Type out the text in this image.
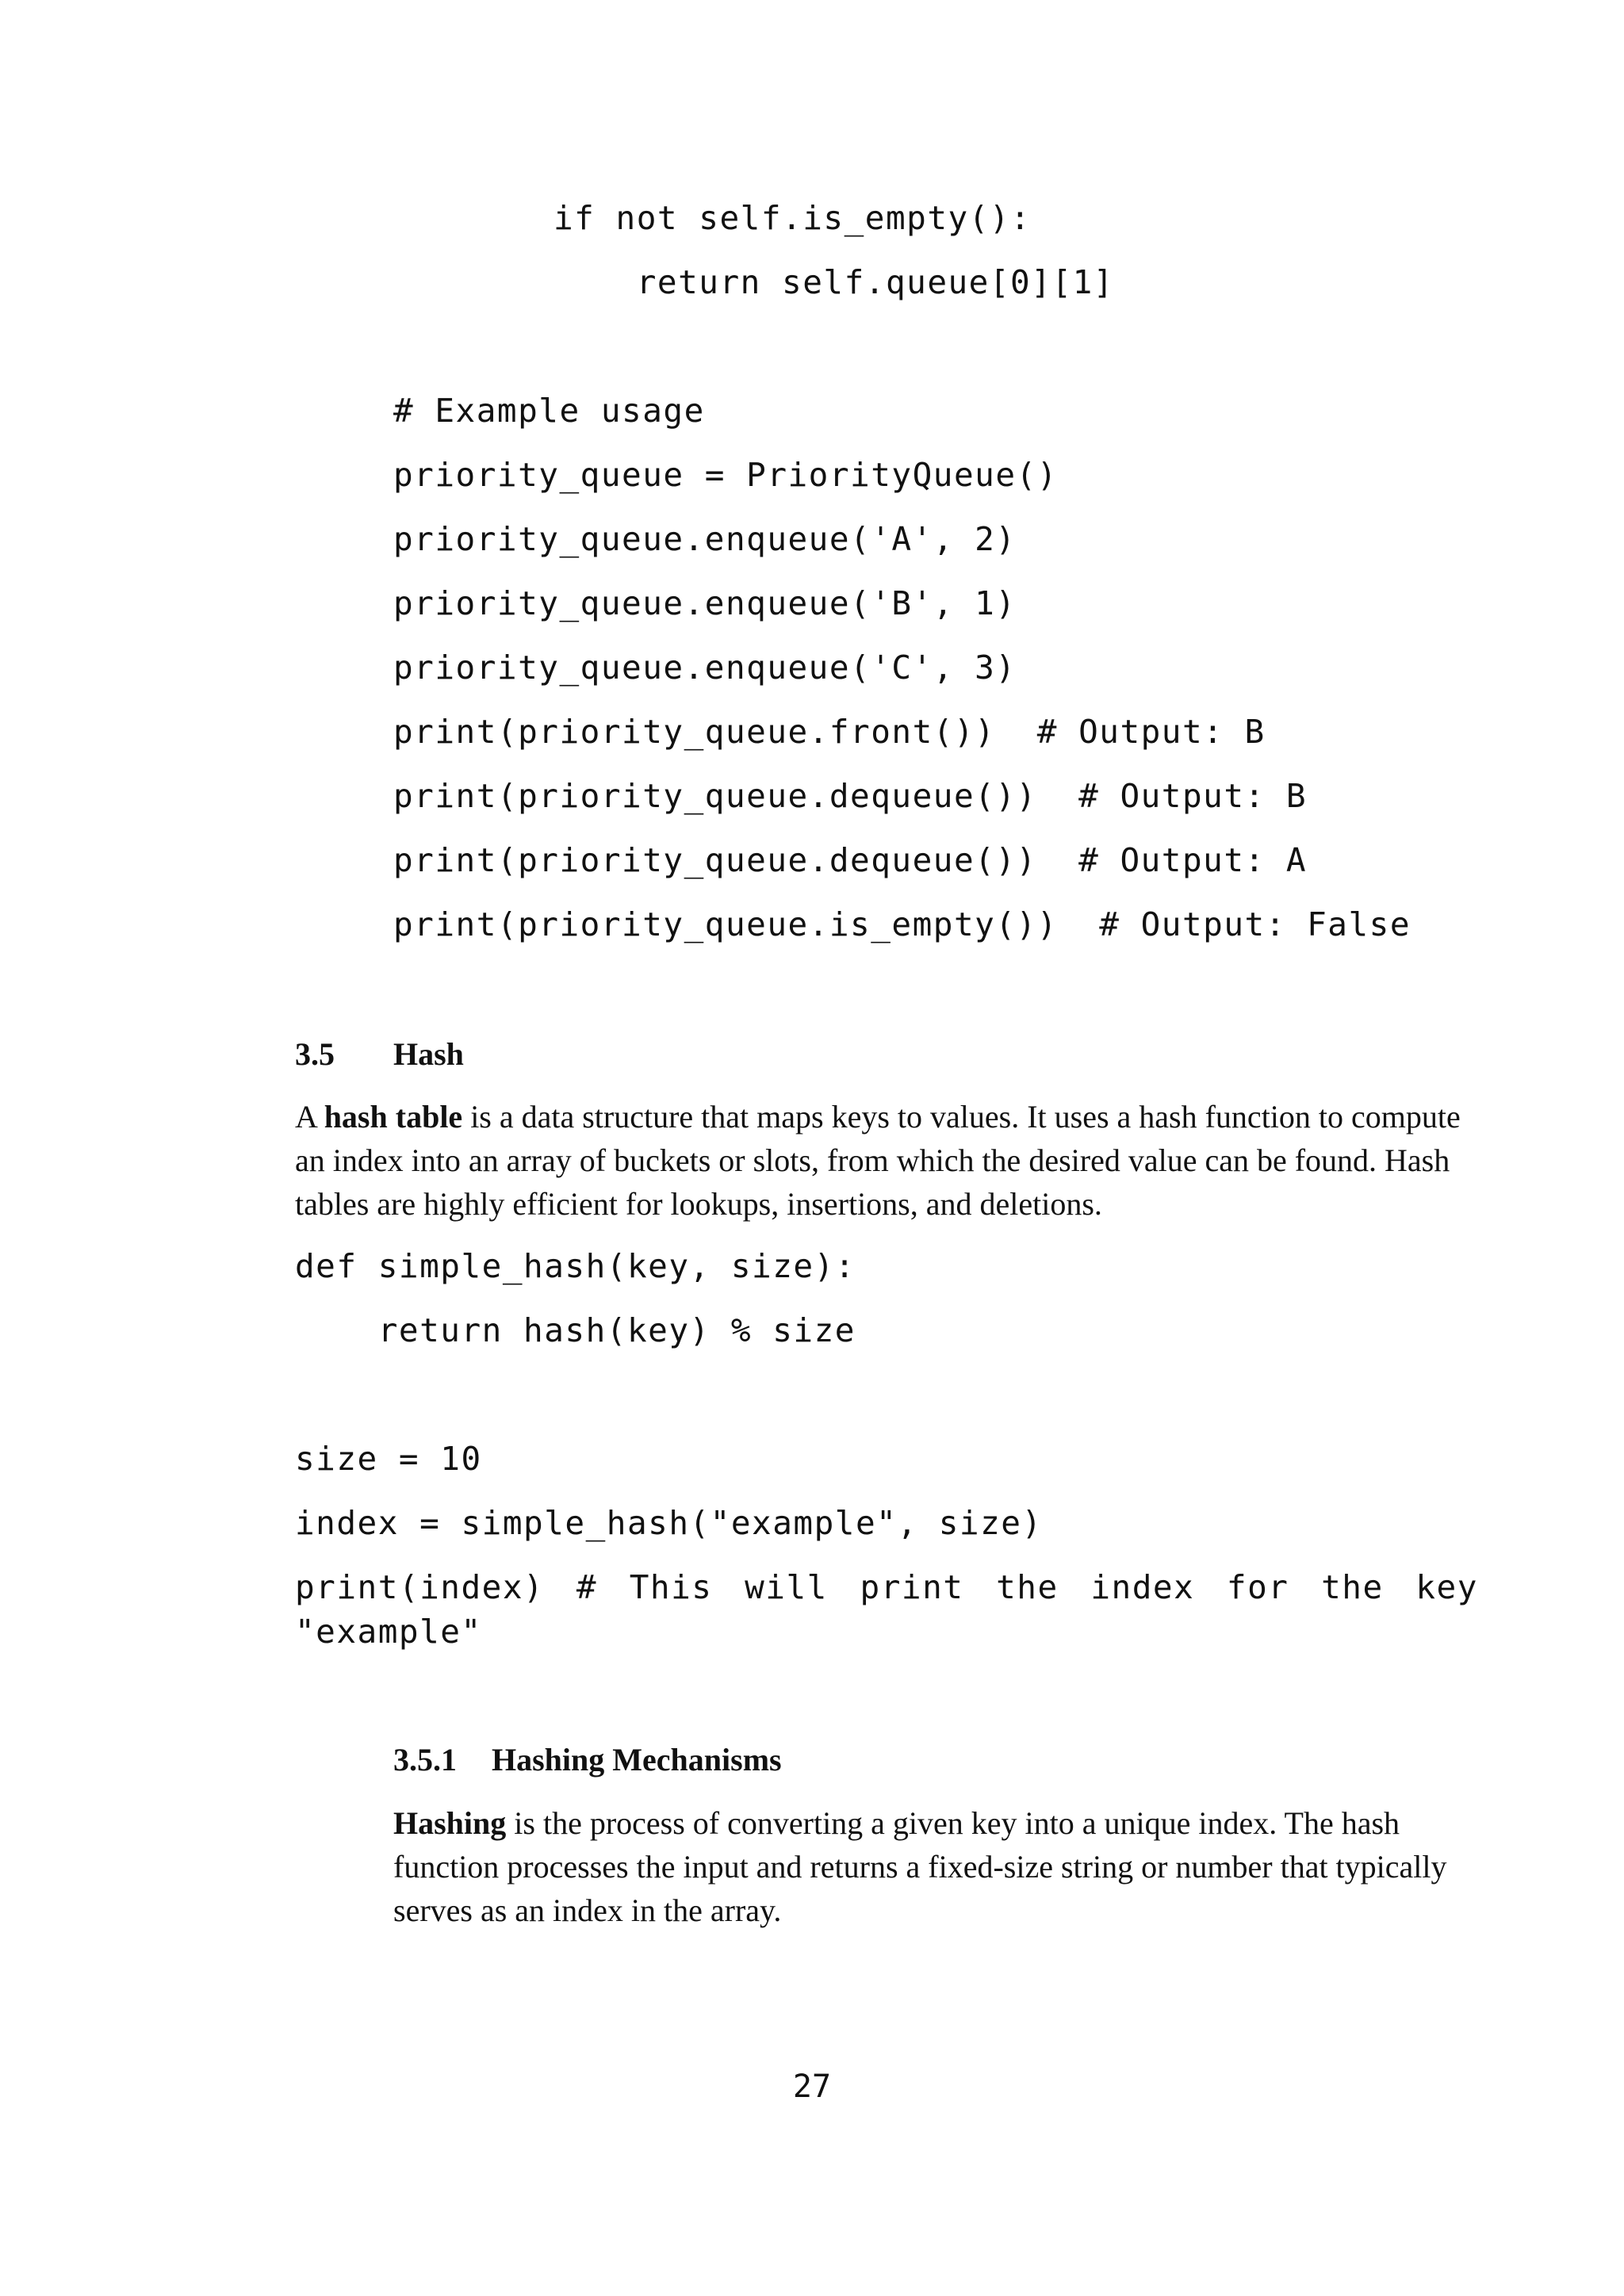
if not self.is_empty():
return self.queue[0][1]
# Example usage
priority_queue = PriorityQueue()
priority_queue.enqueue('A', 2)
priority_queue.enqueue('B', 1)
priority_queue.enqueue('C', 3)
print(priority_queue.front())  # Output: B
print(priority_queue.dequeue())  # Output: B
print(priority_queue.dequeue())  # Output: A
print(priority_queue.is_empty())  # Output: False
3.5 Hash
A hash table is a data structure that maps keys to values. It uses a hash function to compute
an index into an array of buckets or slots, from which the desired value can be found. Hash
tables are highly efficient for lookups, insertions, and deletions.
def simple_hash(key, size):
return hash(key) % size
size = 10
index = simple_hash("example", size)
print(index) # This will print the index for the key
"example"
3.5.1 Hashing Mechanisms
Hashing is the process of converting a given key into a unique index. The hash
function processes the input and returns a fixed-size string or number that typically
serves as an index in the array.
27
